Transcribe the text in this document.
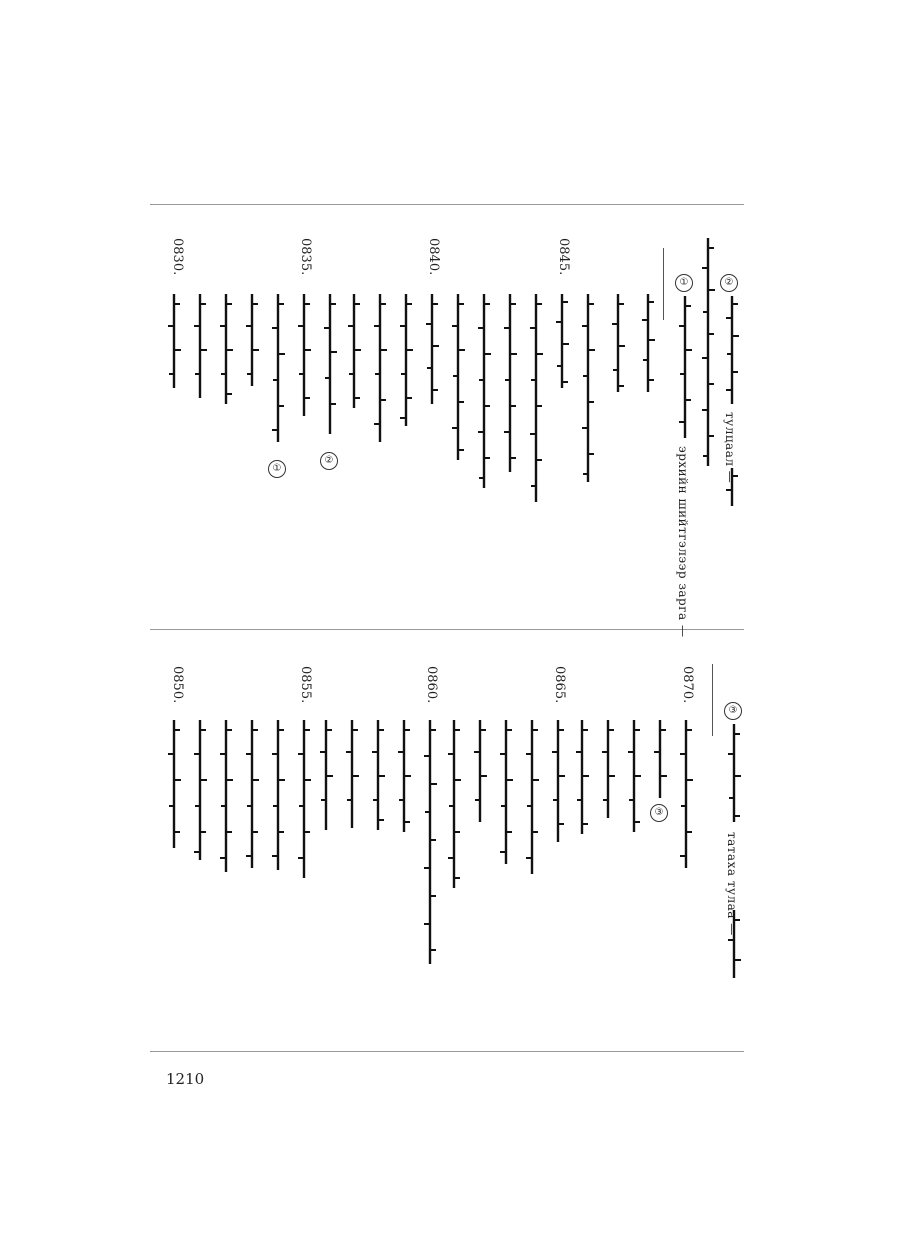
②
тулцаал —
①
эрхийн шийтгэлээр зарга —
0845.
0840.
②
0835.
①
0830.
③
татаха тулаа —
0870.
③
0865.
0860.
0855.
0850.
1210
